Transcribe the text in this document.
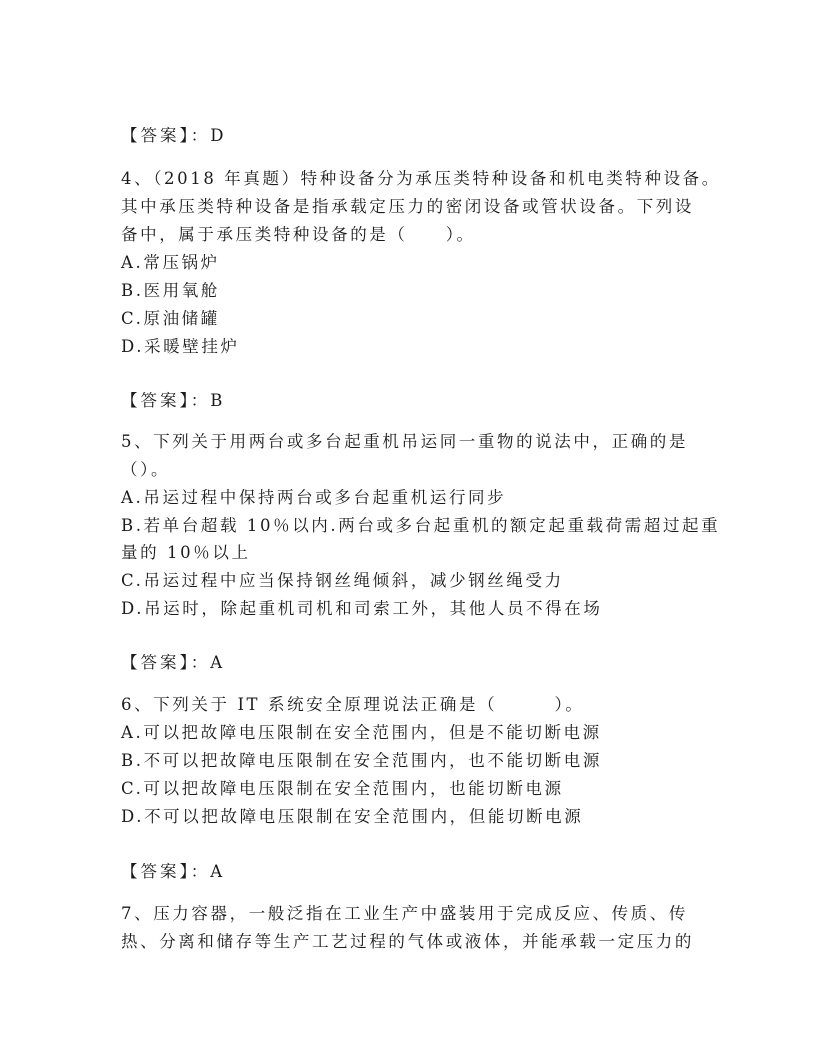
【答案】：D
4、（2018 年真题）特种设备分为承压类特种设备和机电类特种设备。
其中承压类特种设备是指承载定压力的密闭设备或管状设备。下列设
备中，属于承压类特种设备的是（　　）。
A.常压锅炉
B.医用氧舱
C.原油储罐
D.采暖壁挂炉
【答案】：B
5、下列关于用两台或多台起重机吊运同一重物的说法中，正确的是
（）。
A.吊运过程中保持两台或多台起重机运行同步
B.若单台超载 10％以内.两台或多台起重机的额定起重载荷需超过起重
量的 10％以上
C.吊运过程中应当保持钢丝绳倾斜，减少钢丝绳受力
D.吊运时，除起重机司机和司索工外，其他人员不得在场
【答案】：A
6、下列关于 IT 系统安全原理说法正确是（　　　）。
A.可以把故障电压限制在安全范围内，但是不能切断电源
B.不可以把故障电压限制在安全范围内，也不能切断电源
C.可以把故障电压限制在安全范围内，也能切断电源
D.不可以把故障电压限制在安全范围内，但能切断电源
【答案】：A
7、压力容器，一般泛指在工业生产中盛装用于完成反应、传质、传
热、分离和储存等生产工艺过程的气体或液体，并能承载一定压力的
